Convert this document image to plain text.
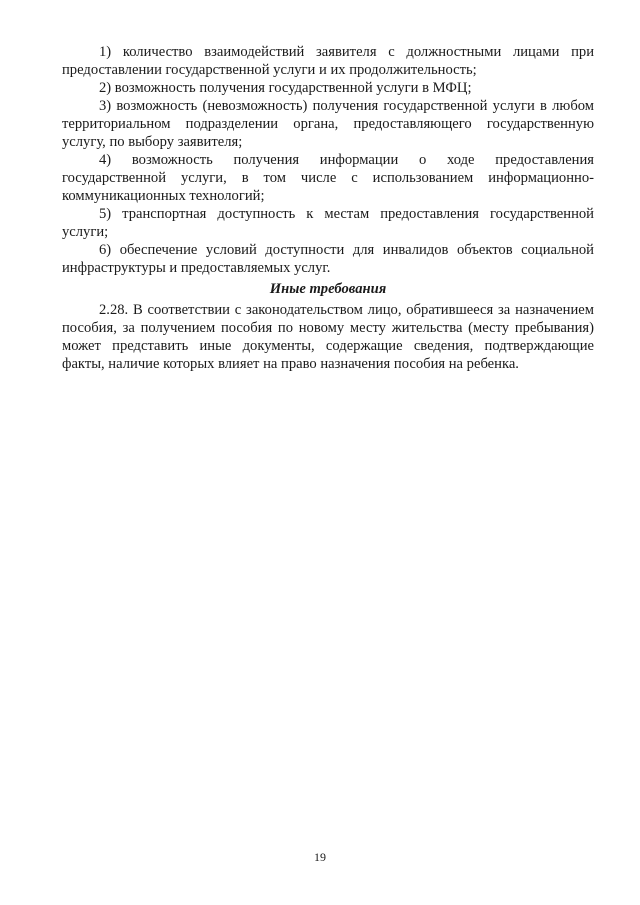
1) количество взаимодействий заявителя с должностными лицами при предоставлении государственной услуги и их продолжительность;

2) возможность получения государственной услуги в МФЦ;

3) возможность (невозможность) получения государственной услуги в любом территориальном подразделении органа, предоставляющего государственную услугу, по выбору заявителя;

4) возможность получения информации о ходе предоставления государственной услуги, в том числе с использованием информационно-коммуникационных технологий;

5) транспортная доступность к местам предоставления государственной услуги;

6) обеспечение условий доступности для инвалидов объектов социальной инфраструктуры и предоставляемых услуг.

Иные требования

2.28. В соответствии с законодательством лицо, обратившееся за назначением пособия, за получением пособия по новому месту жительства (месту пребывания) может представить иные документы, содержащие сведения, подтверждающие факты, наличие которых влияет на право назначения пособия на ребенка.

19
